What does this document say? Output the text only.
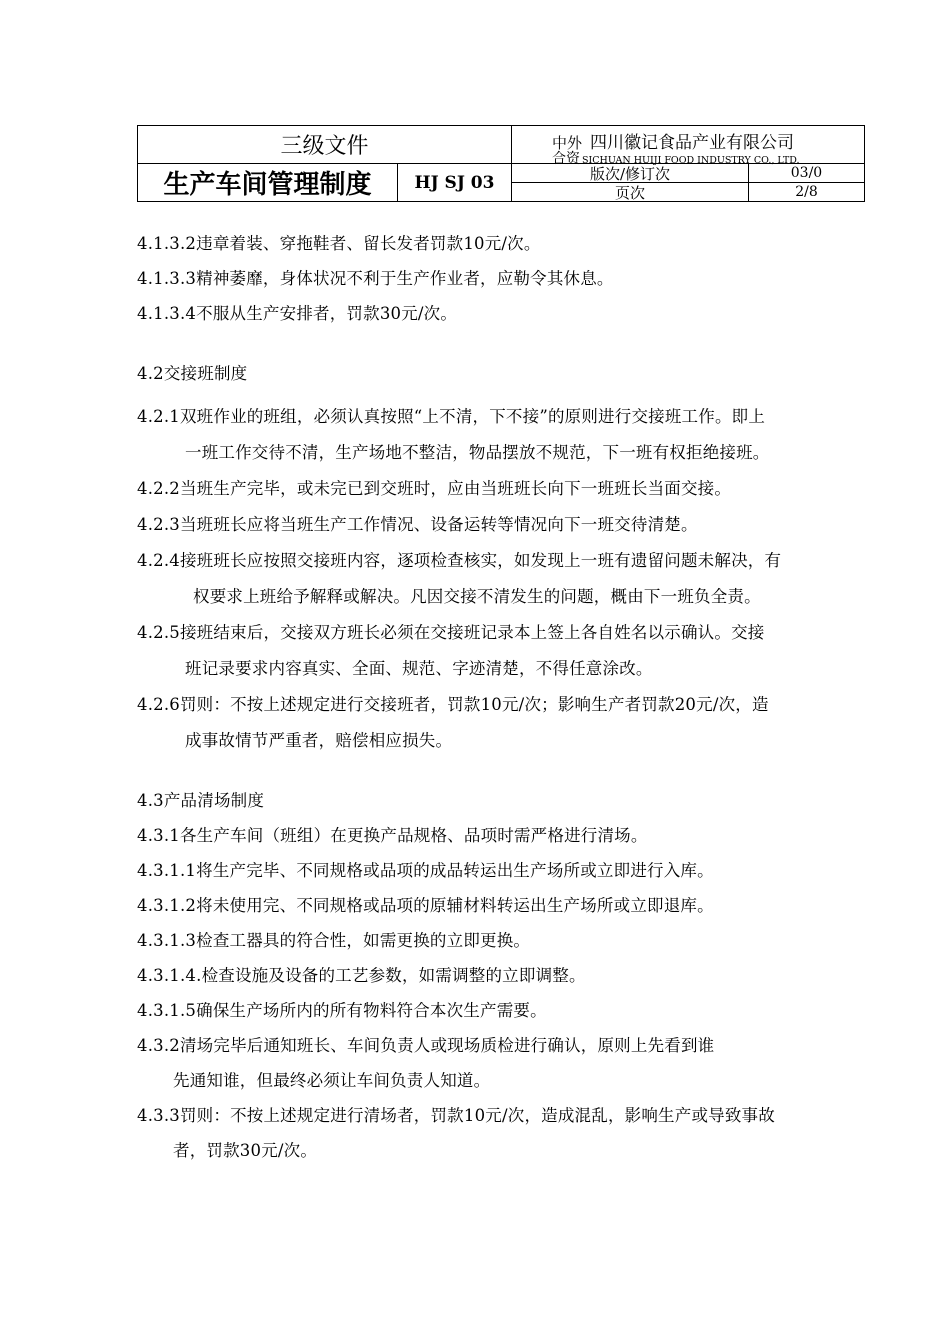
三级文件	中外 四川徽记食品产业有限公司
合资 SICHUAN HUIJI FOOD INDUSTRY CO., LTD.
生产车间管理制度	HJ SJ 03	版次/修订次	03/0
页次	2/8
4.1.3.2违章着装、穿拖鞋者、留长发者罚款10元/次。
4.1.3.3精神萎靡，身体状况不利于生产作业者，应勒令其休息。
4.1.3.4不服从生产安排者，罚款30元/次。
4.2交接班制度
4.2.1双班作业的班组，必须认真按照“上不清，下不接”的原则进行交接班工作。即上
一班工作交待不清，生产场地不整洁，物品摆放不规范，下一班有权拒绝接班。
4.2.2当班生产完毕，或未完已到交班时，应由当班班长向下一班班长当面交接。
4.2.3当班班长应将当班生产工作情况、设备运转等情况向下一班交待清楚。
4.2.4接班班长应按照交接班内容，逐项检查核实，如发现上一班有遗留问题未解决，有
权要求上班给予解释或解决。凡因交接不清发生的问题，概由下一班负全责。
4.2.5接班结束后，交接双方班长必须在交接班记录本上签上各自姓名以示确认。交接
班记录要求内容真实、全面、规范、字迹清楚，不得任意涂改。
4.2.6罚则：不按上述规定进行交接班者，罚款10元/次；影响生产者罚款20元/次，造
成事故情节严重者，赔偿相应损失。
4.3产品清场制度
4.3.1各生产车间（班组）在更换产品规格、品项时需严格进行清场。
4.3.1.1将生产完毕、不同规格或品项的成品转运出生产场所或立即进行入库。
4.3.1.2将未使用完、不同规格或品项的原辅材料转运出生产场所或立即退库。
4.3.1.3检查工器具的符合性，如需更换的立即更换。
4.3.1.4.检查设施及设备的工艺参数，如需调整的立即调整。
4.3.1.5确保生产场所内的所有物料符合本次生产需要。
4.3.2清场完毕后通知班长、车间负责人或现场质检进行确认，原则上先看到谁
先通知谁，但最终必须让车间负责人知道。
4.3.3罚则：不按上述规定进行清场者，罚款10元/次，造成混乱，影响生产或导致事故
者，罚款30元/次。
